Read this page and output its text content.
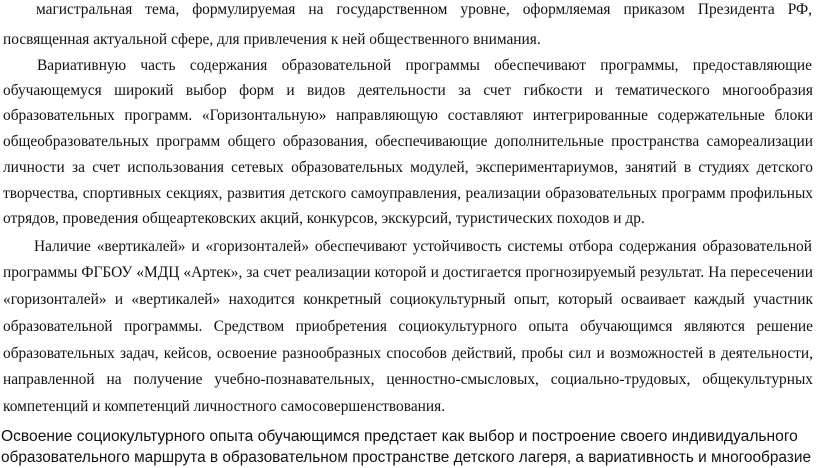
магистральная тема, формулируемая на государственном уровне, оформляемая приказом Президента РФ,
посвященная актуальной сфере, для привлечения к ней общественного внимания.
Вариативную часть содержания образовательной программы обеспечивают программы, предоставляющие
обучающемуся широкий выбор форм и видов деятельности за счет гибкости и тематического многообразия
образовательных программ. «Горизонтальную» направляющую составляют интегрированные содержательные блоки
общеобразовательных программ общего образования, обеспечивающие дополнительные пространства самореализации
личности за счет использования сетевых образовательных модулей, экспериментариумов, занятий в студиях детского
творчества, спортивных секциях, развития детского самоуправления, реализации образовательных программ профильных
отрядов, проведения общеартековских акций, конкурсов, экскурсий, туристических походов и др.
Наличие «вертикалей» и «горизонталей» обеспечивают устойчивость системы отбора содержания образовательной
программы ФГБОУ «МДЦ «Артек», за счет реализации которой и достигается прогнозируемый результат. На пересечении
«горизонталей» и «вертикалей» находится конкретный социокультурный опыт, который осваивает каждый участник
образовательной программы. Средством приобретения социокультурного опыта обучающимся являются решение
образовательных задач, кейсов, освоение разнообразных способов действий, пробы сил и возможностей в деятельности,
направленной на получение учебно-познавательных, ценностно-смысловых, социально-трудовых, общекультурных
компетенций и компетенций личностного самосовершенствования.
Освоение социокультурного опыта обучающимся предстает как выбор и построение своего индивидуального
образовательного маршрута в образовательном пространстве детского лагеря, а вариативность и многообразие
